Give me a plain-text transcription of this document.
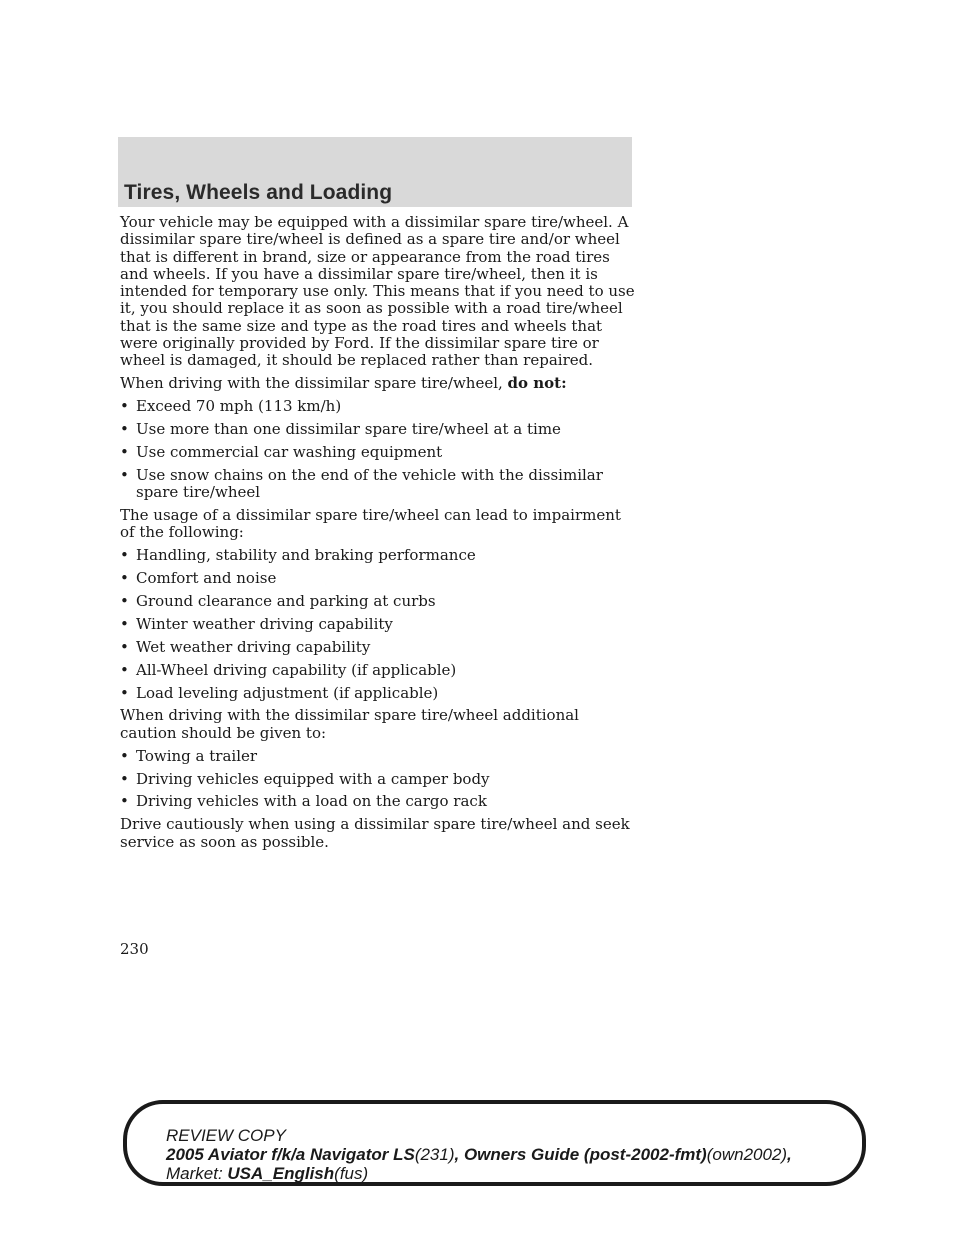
Tires, Wheels and Loading

Your vehicle may be equipped with a dissimilar spare tire/wheel. A dissimilar spare tire/wheel is defined as a spare tire and/or wheel that is different in brand, size or appearance from the road tires and wheels. If you have a dissimilar spare tire/wheel, then it is intended for temporary use only. This means that if you need to use it, you should replace it as soon as possible with a road tire/wheel that is the same size and type as the road tires and wheels that were originally provided by Ford. If the dissimilar spare tire or wheel is damaged, it should be replaced rather than repaired.

When driving with the dissimilar spare tire/wheel, do not:

• Exceed 70 mph (113 km/h)
• Use more than one dissimilar spare tire/wheel at a time
• Use commercial car washing equipment
• Use snow chains on the end of the vehicle with the dissimilar spare tire/wheel

The usage of a dissimilar spare tire/wheel can lead to impairment of the following:

• Handling, stability and braking performance
• Comfort and noise
• Ground clearance and parking at curbs
• Winter weather driving capability
• Wet weather driving capability
• All-Wheel driving capability (if applicable)
• Load leveling adjustment (if applicable)

When driving with the dissimilar spare tire/wheel additional caution should be given to:

• Towing a trailer
• Driving vehicles equipped with a camper body
• Driving vehicles with a load on the cargo rack

Drive cautiously when using a dissimilar spare tire/wheel and seek service as soon as possible.

230
REVIEW COPY
2005 Aviator f/k/a Navigator LS(231), Owners Guide (post-2002-fmt)(own2002),
Market: USA_English(fus)
